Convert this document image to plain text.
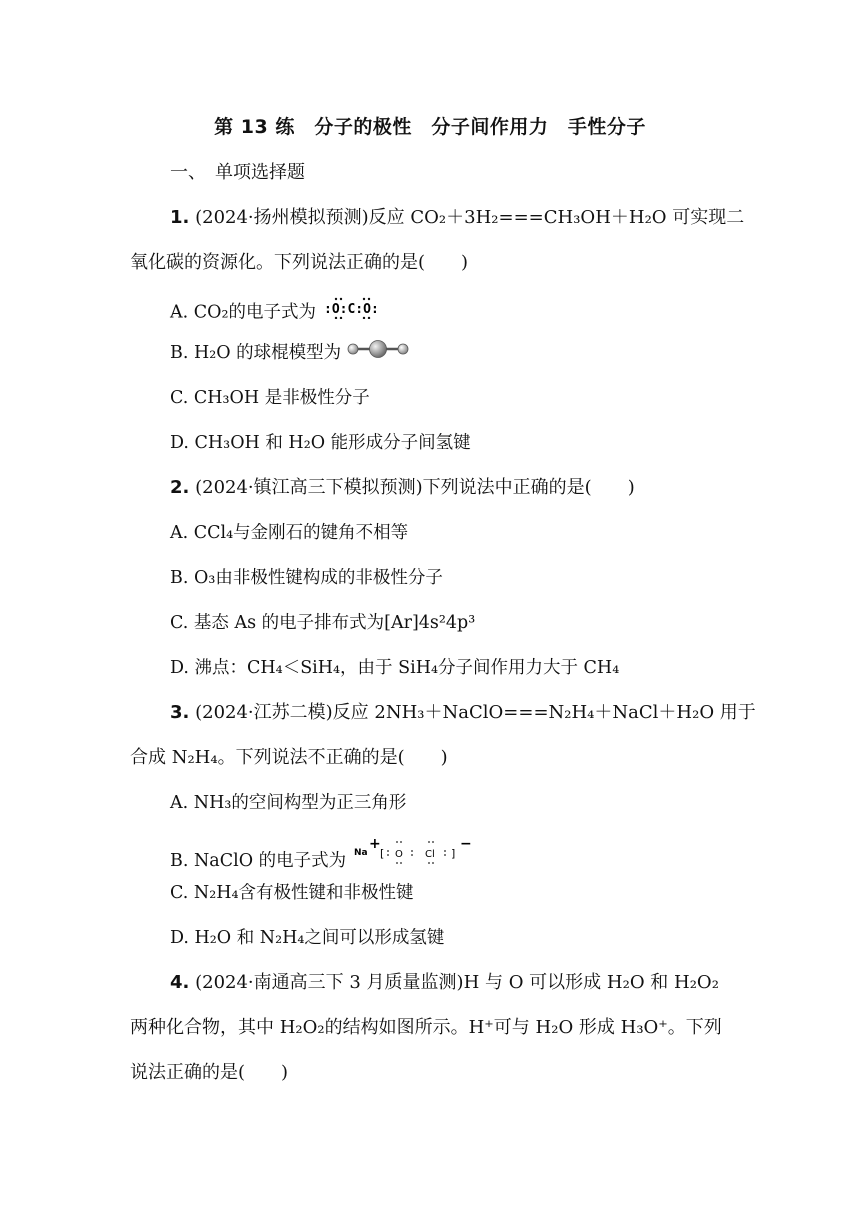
第 13 练　分子的极性　分子间作用力　手性分子
一、　单项选择题
1. (2024·扬州模拟预测)反应 CO₂＋3H₂===CH₃OH＋H₂O 可实现二
氧化碳的资源化。下列说法正确的是(　　)
A. CO₂的电子式为 :O:C:O:
B. H₂O 的球棍模型为
C. CH₃OH 是非极性分子
D. CH₃OH 和 H₂O 能形成分子间氢键
2. (2024·镇江高三下模拟预测)下列说法中正确的是(　　)
A. CCl₄与金刚石的键角不相等
B. O₃由非极性键构成的非极性分子
C. 基态 As 的电子排布式为[Ar]4s²4p³
D. 沸点：CH₄＜SiH₄，由于 SiH₄分子间作用力大于 CH₄
3. (2024·江苏二模)反应 2NH₃＋NaClO===N₂H₄＋NaCl＋H₂O 用于
合成 N₂H₄。下列说法不正确的是(　　)
A. NH₃的空间构型为正三角形
B. NaClO 的电子式为 Na
+
[ O Cl ]
−
C. N₂H₄含有极性键和非极性键
D. H₂O 和 N₂H₄之间可以形成氢键
4. (2024·南通高三下 3 月质量监测)H 与 O 可以形成 H₂O 和 H₂O₂
两种化合物，其中 H₂O₂的结构如图所示。H⁺可与 H₂O 形成 H₃O⁺。下列
说法正确的是(　　)
